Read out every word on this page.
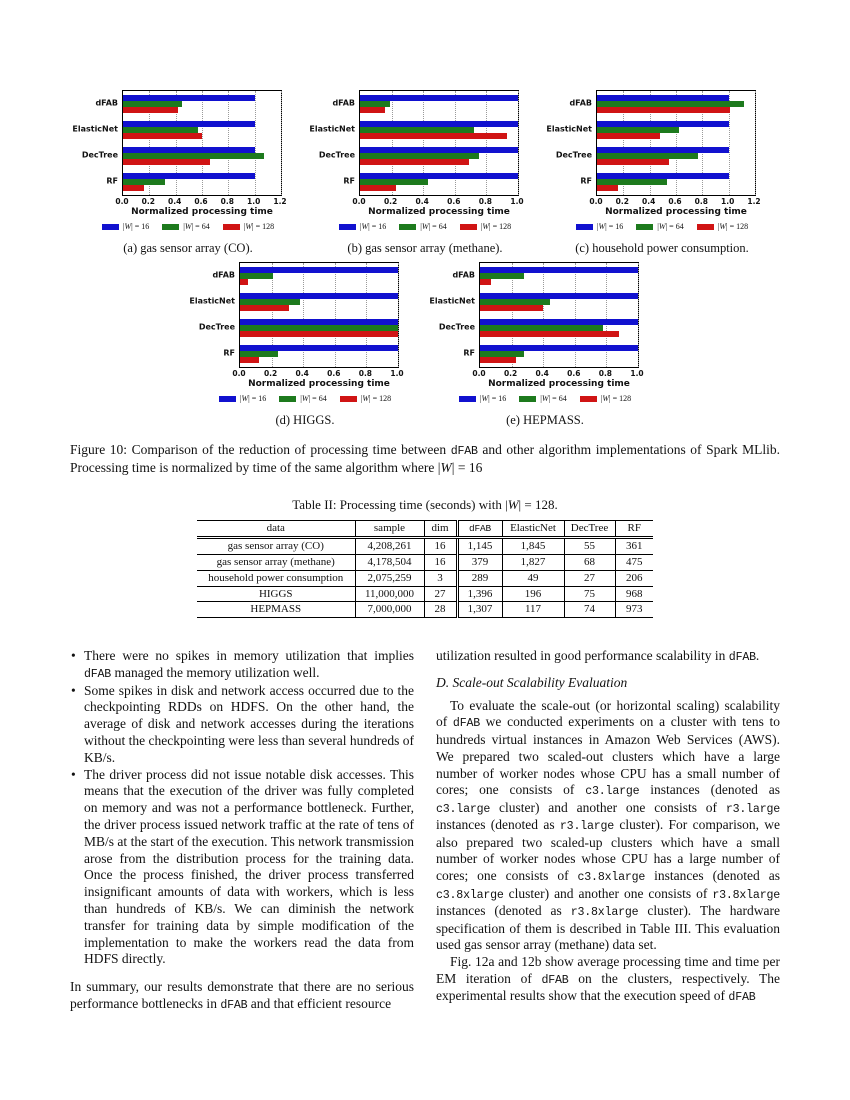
dFAB
ElasticNet
DecTree
RF
0.0 0.2 0.4 0.6 0.8 1.0 1.2
Normalized processing time
|W| = 16	|W| = 64	|W| = 128
(a) gas sensor array (CO).
dFAB
ElasticNet
DecTree
RF
0.0 0.2 0.4 0.6 0.8 1.0
Normalized processing time
|W| = 16	|W| = 64	|W| = 128
(b) gas sensor array (methane).
dFAB
ElasticNet
DecTree
RF
0.0 0.2 0.4 0.6 0.8 1.0 1.2
Normalized processing time
|W| = 16	|W| = 64	|W| = 128
(c) household power consumption.
dFAB
ElasticNet
DecTree
RF
0.0 0.2 0.4 0.6 0.8 1.0
Normalized processing time
|W| = 16	|W| = 64	|W| = 128
(d) HIGGS.
dFAB
ElasticNet
DecTree
RF
0.0 0.2 0.4 0.6 0.8 1.0
Normalized processing time
|W| = 16	|W| = 64	|W| = 128
(e) HEPMASS.

Figure 10: Comparison of the reduction of processing time between dFAB and other algorithm implementations of Spark MLlib. Processing time is normalized by time of the same algorithm where |W| = 16

Table II: Processing time (seconds) with |W| = 128.

data	sample	dim	dFAB	ElasticNet	DecTree	RF
gas sensor array (CO)	4,208,261	16	1,145	1,845	55	361
gas sensor array (methane)	4,178,504	16	379	1,827	68	475
household power consumption	2,075,259	3	289	49	27	206
HIGGS	11,000,000	27	1,396	196	75	968
HEPMASS	7,000,000	28	1,307	117	74	973
• There were no spikes in memory utilization that implies dFAB managed the memory utilization well.
• Some spikes in disk and network access occurred due to the checkpointing RDDs on HDFS. On the other hand, the average of disk and network accesses during the iterations without the checkpointing were less than several hundreds of KB/s.
• The driver process did not issue notable disk accesses. This means that the execution of the driver was fully completed on memory and was not a performance bottleneck. Further, the driver process issued network traffic at the rate of tens of MB/s at the start of the execution. This network transmission arose from the distribution process for the training data. Once the process finished, the driver process transferred insignificant amounts of data with workers, which is less than hundreds of KB/s. We can diminish the network transfer for training data by simple modification of the implementation to make the workers read the data from HDFS directly.

In summary, our results demonstrate that there are no serious performance bottlenecks in dFAB and that efficient resource

utilization resulted in good performance scalability in dFAB.

D. Scale-out Scalability Evaluation

To evaluate the scale-out (or horizontal scaling) scalability of dFAB we conducted experiments on a cluster with tens to hundreds virtual instances in Amazon Web Services (AWS). We prepared two scaled-out clusters which have a large number of worker nodes whose CPU has a small number of cores; one consists of c3.large instances (denoted as c3.large cluster) and another one consists of r3.large instances (denoted as r3.large cluster). For comparison, we also prepared two scaled-up clusters which have a small number of worker nodes whose CPU has a large number of cores; one consists of c3.8xlarge instances (denoted as c3.8xlarge cluster) and another one consists of r3.8xlarge instances (denoted as r3.8xlarge cluster). The hardware specification of them is described in Table III. This evaluation used gas sensor array (methane) data set.

Fig. 12a and 12b show average processing time and time per EM iteration of dFAB on the clusters, respectively. The experimental results show that the execution speed of dFAB
